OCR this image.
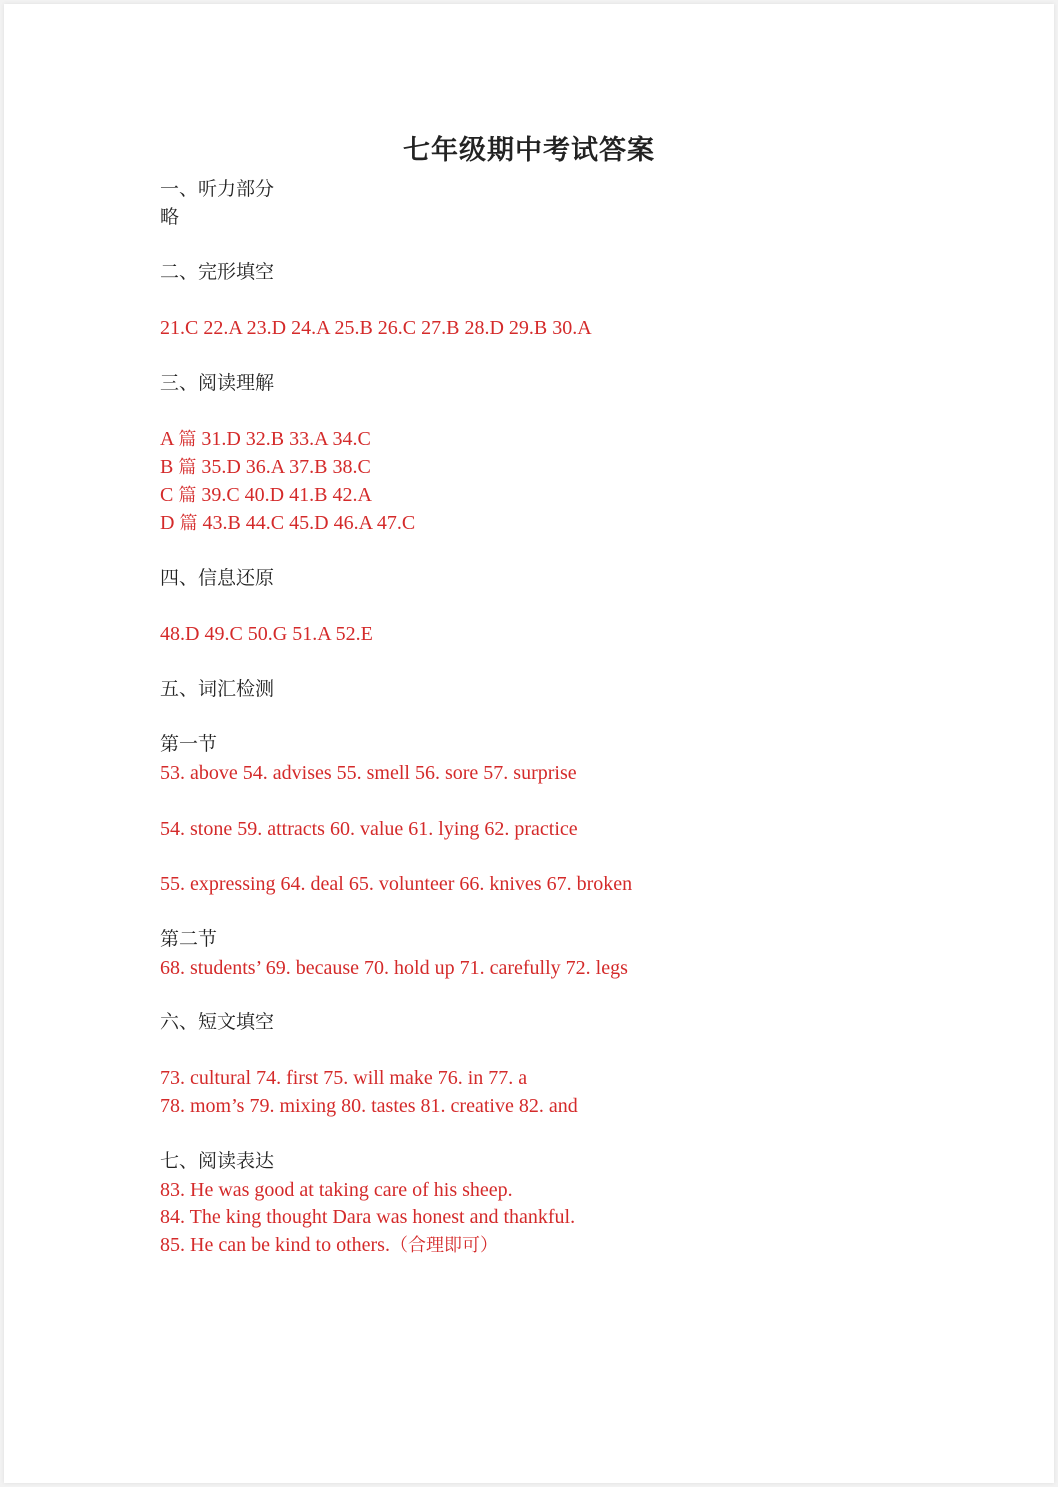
七年级期中考试答案
一、听力部分
略
二、完形填空
21.C 22.A 23.D 24.A 25.B 26.C 27.B 28.D 29.B 30.A
三、阅读理解
A 篇 31.D 32.B 33.A 34.C
B 篇 35.D 36.A 37.B 38.C
C 篇 39.C 40.D 41.B 42.A
D 篇 43.B 44.C 45.D 46.A 47.C
四、信息还原
48.D 49.C 50.G 51.A 52.E
五、词汇检测
第一节
53. above 54. advises 55. smell 56. sore 57. surprise
54. stone 59. attracts 60. value 61. lying 62. practice
55. expressing 64. deal 65. volunteer 66. knives 67. broken
第二节
68. students’ 69. because 70. hold up 71. carefully 72. legs
六、短文填空
73. cultural 74. first 75. will make 76. in 77. a
78. mom’s 79. mixing 80. tastes 81. creative 82. and
七、阅读表达
83. He was good at taking care of his sheep.
84. The king thought Dara was honest and thankful.
85. He can be kind to others.（合理即可）
